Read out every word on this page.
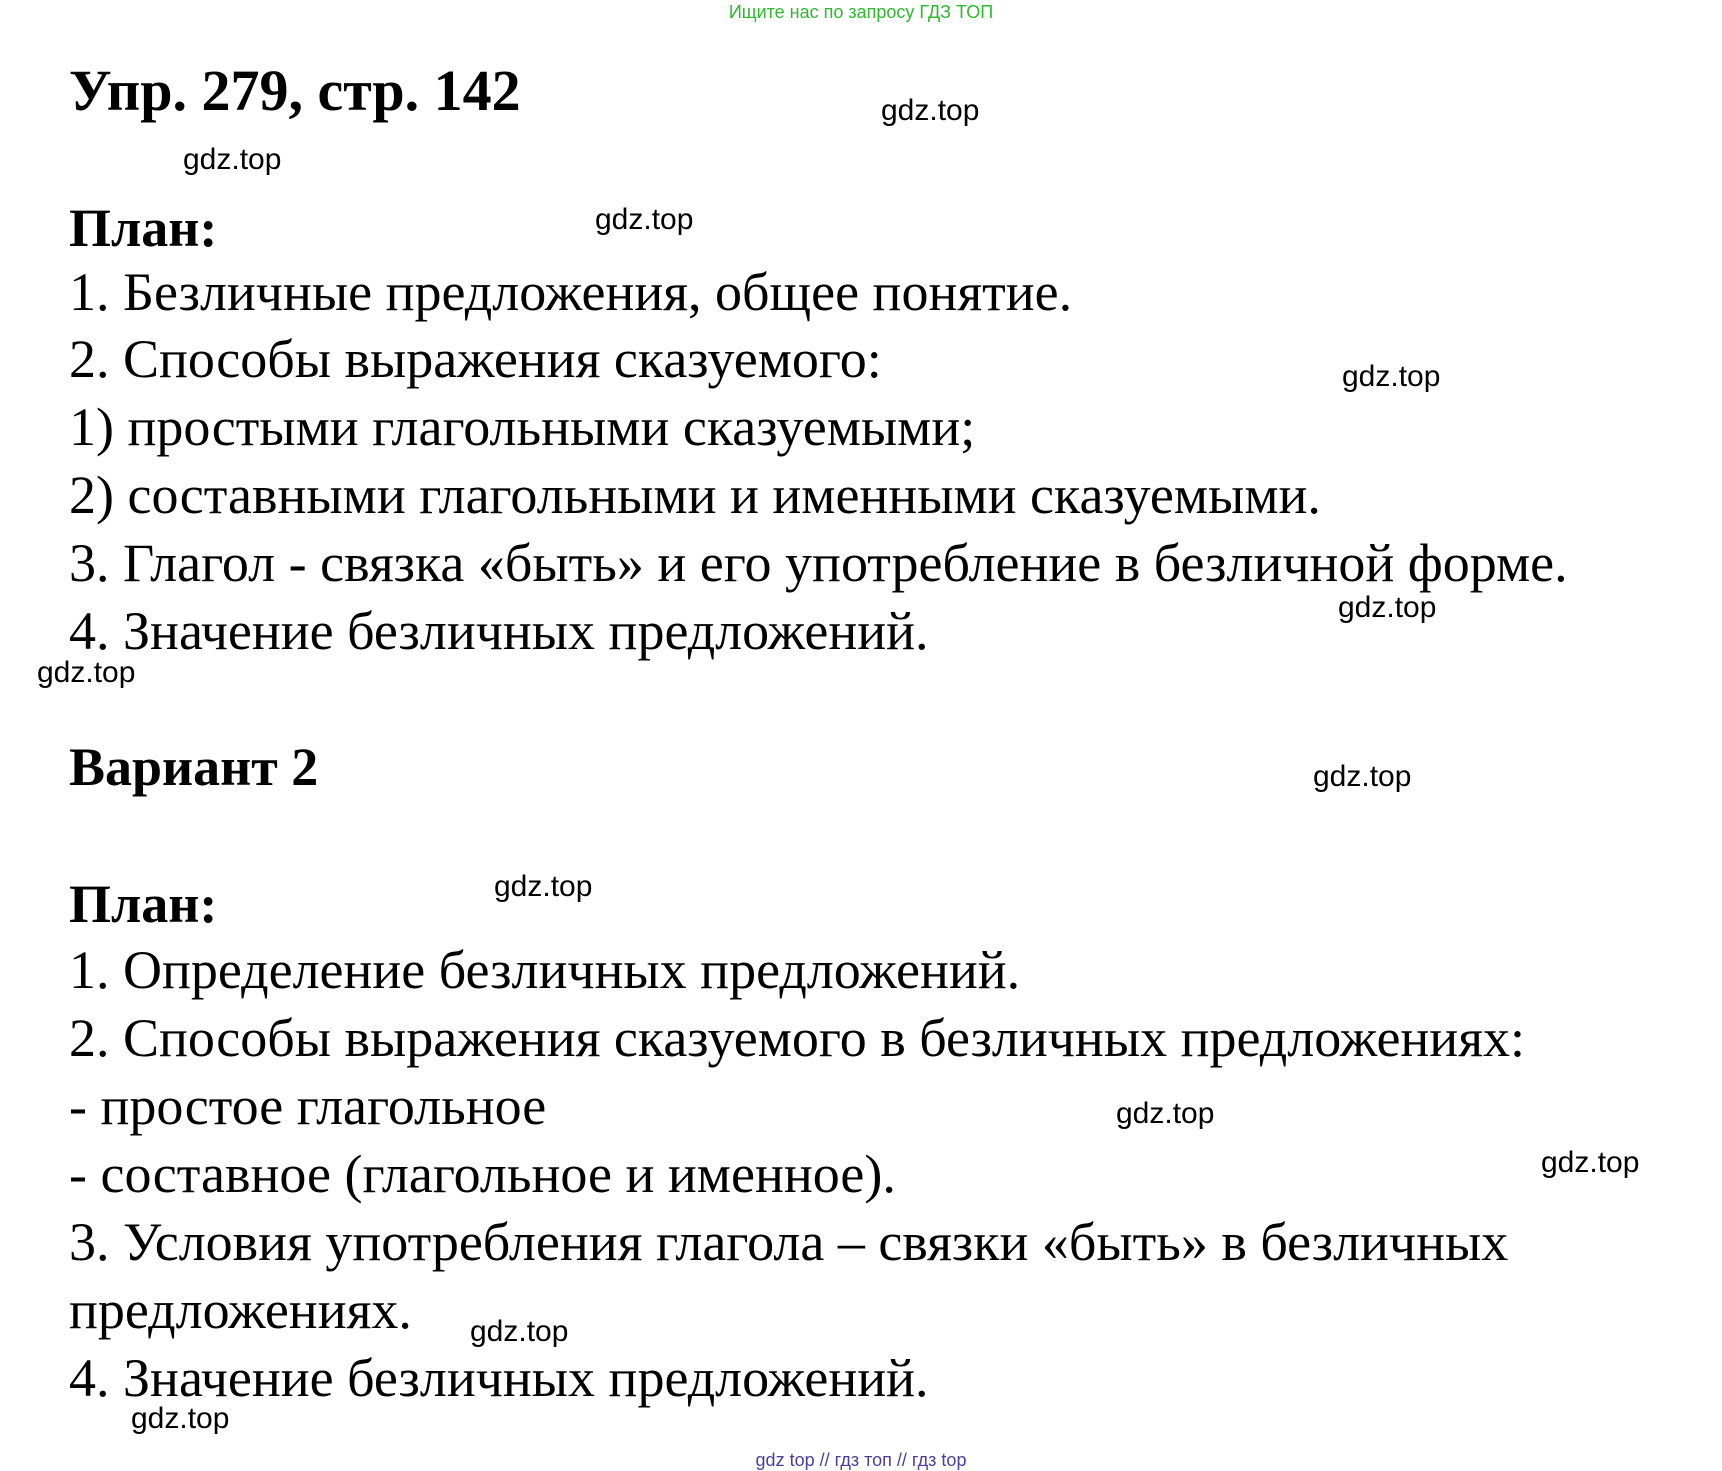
Ищите нас по запросу ГДЗ ТОП
Упр. 279, стр. 142
План:

1. Безличные предложения, общее понятие.

2. Способы выражения сказуемого:

1) простыми глагольными сказуемыми;

2) составными глагольными и именными сказуемыми.

3. Глагол - связка «быть» и его употребление в безличной форме.

4. Значение безличных предложений.

Вариант 2
План:

1. Определение безличных предложений.

2. Способы выражения сказуемого в безличных предложениях:

- простое глагольное

- составное (глагольное и именное).

3. Условия употребления глагола – связки «быть» в безличных

предложениях.

4. Значение безличных предложений.

gdz.top
gdz.top
gdz.top
gdz.top
gdz.top
gdz.top
gdz.top
gdz.top
gdz.top
gdz.top
gdz.top
gdz.top
gdz top // гдз топ // гдз top
